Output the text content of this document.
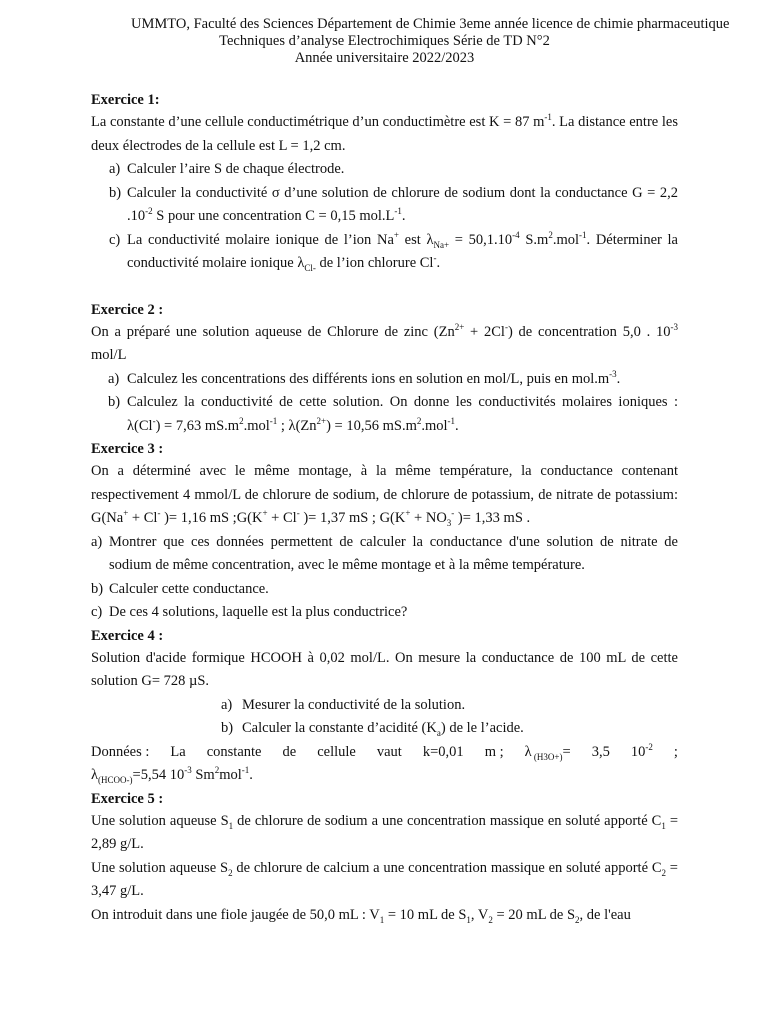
UMMTO, Faculté des Sciences Département de Chimie 3eme année licence de chimie pharmaceutique
Techniques d’analyse Electrochimiques Série de TD N°2
Année universitaire 2022/2023
Exercice 1:

La constante d’une cellule conductimétrique d’un conductimètre est K = 87 $m^{-1}$. La distance entre les deux électrodes de la cellule est L = 1,2 cm.

a) Calculer l’aire S de chaque électrode.
b) Calculer la conductivité σ d’une solution de chlorure de sodium dont la conductance G = 2,2 $.10^{-2}$ S pour une concentration C = 0,15 $mol.L^{-1}$.
c) La conductivité molaire ionique de l’ion Na+ est $\lambda_{Na+} = 50,1.10^{-4}$ $S.m^2.mol^{-1}$. Déterminer la conductivité molaire ionique $\lambda_{Cl-}$ de l’ion chlorure Cl-.
Exercice 2 :

On a préparé une solution aqueuse de Chlorure de zinc $(Zn^{2+} + 2Cl^-)$ de concentration 5,0 . $10^{-3}$ mol/L

a) Calculez les concentrations des différents ions en solution en mol/L, puis en $mol.m^{-3}$.
b) Calculez la conductivité de cette solution. On donne les conductivités molaires ioniques : λ(Cl-) = 7,63 $mS.m^2.mol^{-1}$ ; $\lambda(Zn^{2+}) = 10,56$ $mS.m^2.mol^{-1}$.
Exercice 3 :

On a déterminé avec le même montage, à la même température, la conductance contenant respectivement 4 mmol/L de chlorure de sodium, de chlorure de potassium, de nitrate de potassium: G(Na+ + Cl- )= 1,16 mS ;G(K+ + Cl- )= 1,37 mS ; $G(K^+ + NO_3^-$ )= 1,33 mS .

a) Montrer que ces données permettent de calculer la conductance d'une solution de nitrate de sodium de même concentration, avec le même montage et à la même température.
b) Calculer cette conductance.
c) De ces 4 solutions, laquelle est la plus conductrice?
Exercice 4 :

Solution d'acide formique HCOOH à 0,02 mol/L. On mesure la conductance de 100 mL de cette solution G= 728 µS.

a) Mesurer la conductivité de la solution.
b) Calculer la constante d’acidité $(K_a)$ de le l’acide.
Données : La constante de cellule vaut k=0,01 m ; λ $_{(H3O+)}$= 3,5 $10^{-2}$ ;

$\lambda_{(HCOO-)}=5,54$ $10^{-3}$ Sm$^2$mol$^{-1}$.

Exercice 5 :

Une solution aqueuse $S_1$ de chlorure de sodium a une concentration massique en soluté apporté $C_1 = 2,89$ g/L.

Une solution aqueuse $S_2$ de chlorure de calcium a une concentration massique en soluté apporté $C_2 = 3,47$ g/L.

On introduit dans une fiole jaugée de 50,0 mL : $V_1 = 10$ mL de $S_1$, $V_2 = 20$ mL de $S_2$, de l'eau
